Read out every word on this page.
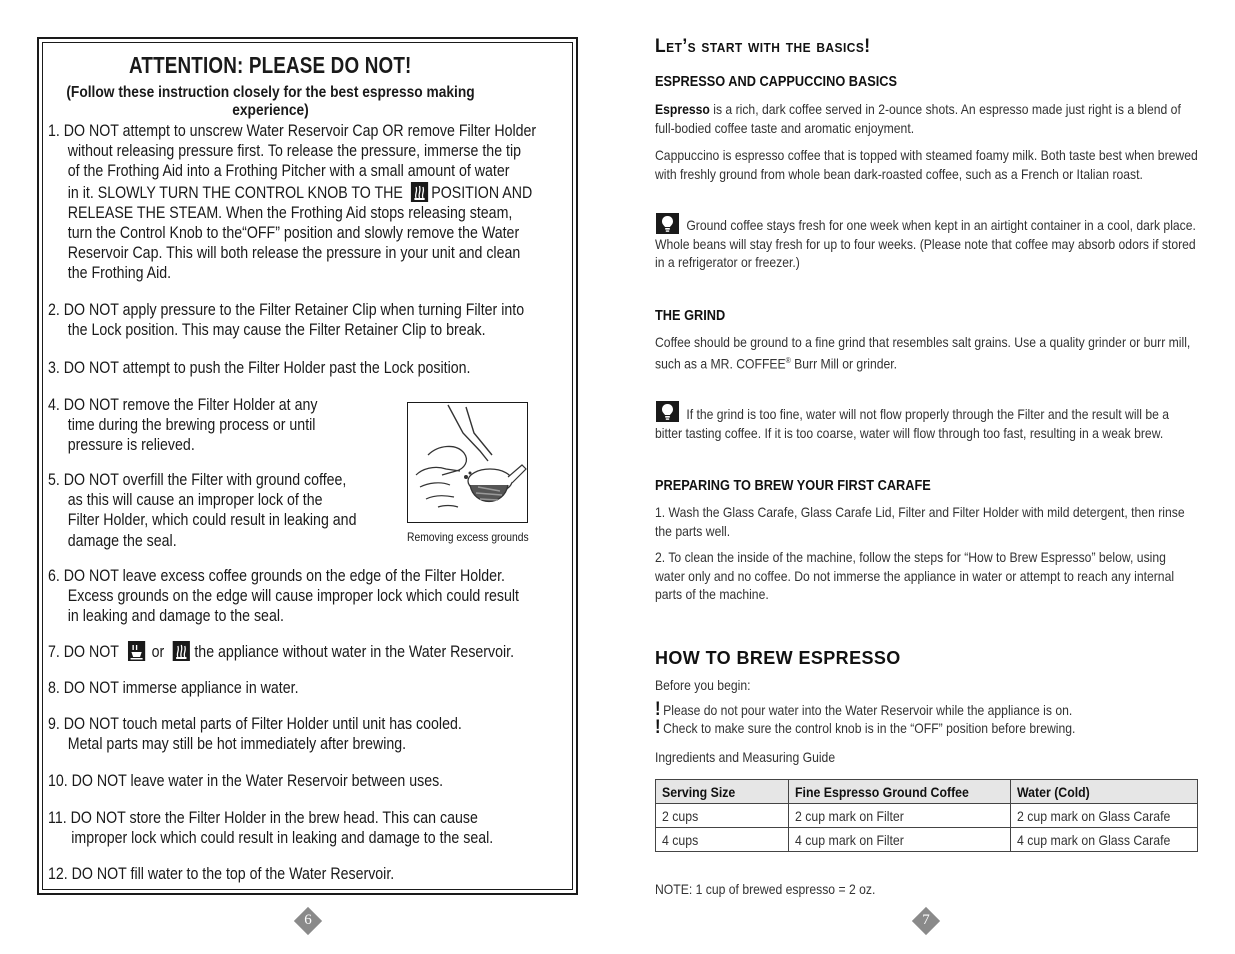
ATTENTION: PLEASE DO NOT!
(Follow these instruction closely for the best espresso making experience)
1. DO NOT attempt to unscrew Water Reservoir Cap OR remove Filter Holder
without releasing pressure first. To release the pressure, immerse the tip
of the Frothing Aid into a Frothing Pitcher with a small amount of water
in it. SLOWLY TURN THE CONTROL KNOB TO THE POSITION AND
RELEASE THE STEAM. When the Frothing Aid stops releasing steam,
turn the Control Knob to the“OFF” position and slowly remove the Water
Reservoir Cap. This will both release the pressure in your unit and clean
the Frothing Aid.
2. DO NOT apply pressure to the Filter Retainer Clip when turning Filter into
the Lock position. This may cause the Filter Retainer Clip to break.
3. DO NOT attempt to push the Filter Holder past the Lock position.
4. DO NOT remove the Filter Holder at any
time during the brewing process or until
pressure is relieved.
5. DO NOT overfill the Filter with ground coffee,
as this will cause an improper lock of the
Filter Holder, which could result in leaking and
damage the seal.	Removing excess grounds
6. DO NOT leave excess coffee grounds on the edge of the Filter Holder.
Excess grounds on the edge will cause improper lock which could result
in leaking and damage to the seal.
7. DO NOT or the appliance without water in the Water Reservoir.
8. DO NOT immerse appliance in water.
9. DO NOT touch metal parts of Filter Holder until unit has cooled.
Metal parts may still be hot immediately after brewing.
10. DO NOT leave water in the Water Reservoir between uses.
11. DO NOT store the Filter Holder in the brew head. This can cause
improper lock which could result in leaking and damage to the seal.
12. DO NOT fill water to the top of the Water Reservoir.
6
Let’s start with the basics!
ESPRESSO AND CAPPUCCINO BASICS
Espresso is a rich, dark coffee served in 2-ounce shots. An espresso made just right is a blend of
full-bodied coffee taste and aromatic enjoyment.
Cappuccino is espresso coffee that is topped with steamed foamy milk. Both taste best when brewed
with freshly ground from whole bean dark-roasted coffee, such as a French or Italian roast.
Ground coffee stays fresh for one week when kept in an airtight container in a cool, dark place.
Whole beans will stay fresh for up to four weeks. (Please note that coffee may absorb odors if stored
in a refrigerator or freezer.)
THE GRIND
Coffee should be ground to a fine grind that resembles salt grains. Use a quality grinder or burr mill,
such as a MR. COFFEE® Burr Mill or grinder.
If the grind is too fine, water will not flow properly through the Filter and the result will be a
bitter tasting coffee. If it is too coarse, water will flow through too fast, resulting in a weak brew.
PREPARING TO BREW YOUR FIRST CARAFE
1. Wash the Glass Carafe, Glass Carafe Lid, Filter and Filter Holder with mild detergent, then rinse
the parts well.
2. To clean the inside of the machine, follow the steps for “How to Brew Espresso” below, using
water only and no coffee. Do not immerse the appliance in water or attempt to reach any internal
parts of the machine.
HOW TO BREW ESPRESSO
Before you begin:
! Please do not pour water into the Water Reservoir while the appliance is on.
! Check to make sure the control knob is in the “OFF” position before brewing.
Ingredients and Measuring Guide
Serving Size	Fine Espresso Ground Coffee	Water (Cold)
2 cups	2 cup mark on Filter	2 cup mark on Glass Carafe
4 cups	4 cup mark on Filter	4 cup mark on Glass Carafe
NOTE: 1 cup of brewed espresso = 2 oz.
7
